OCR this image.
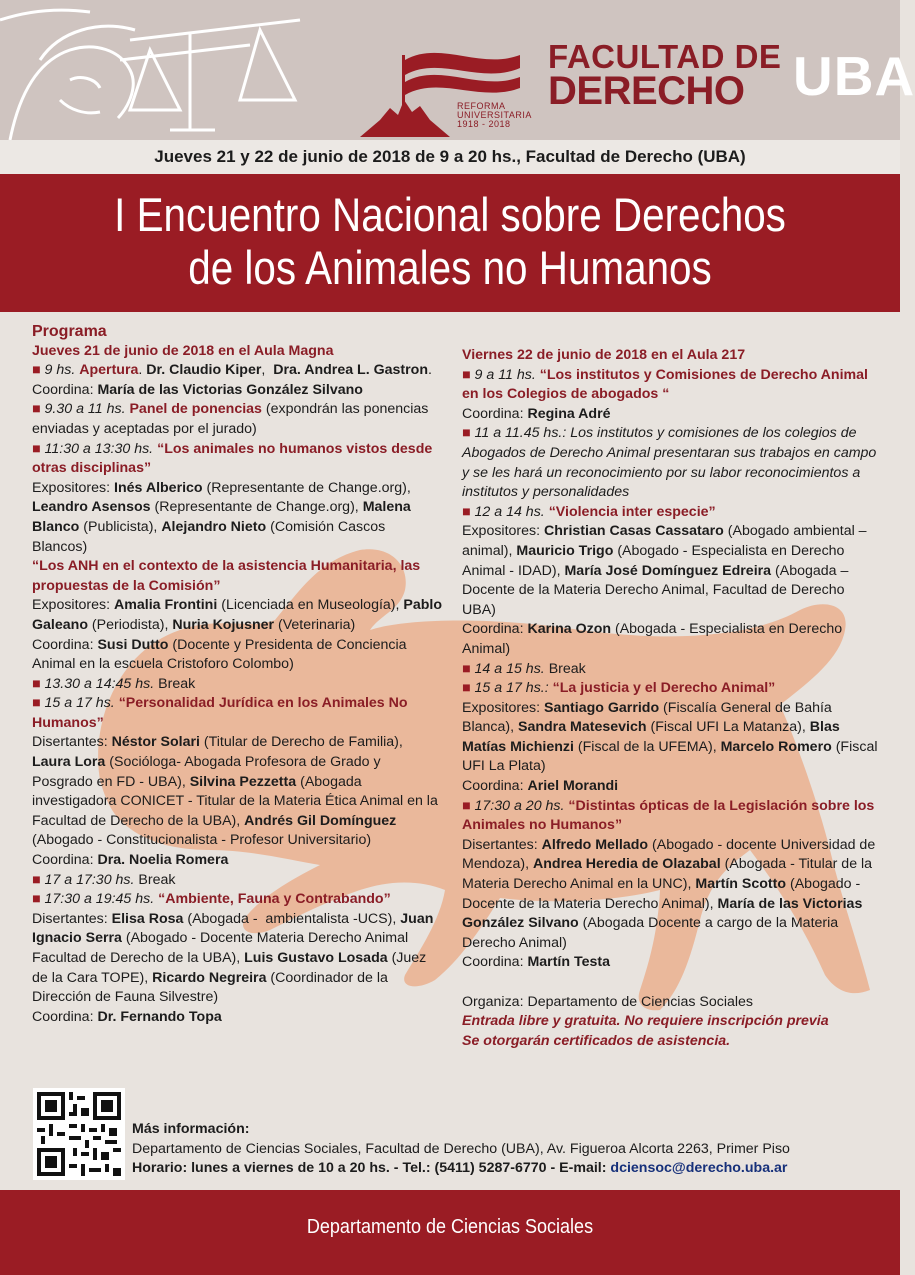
REFORMA
UNIVERSITARIA
1918 - 2018
FACULTAD DE
DERECHO UBA
Jueves 21 y 22 de junio de 2018 de 9 a 20 hs., Facultad de Derecho (UBA)
I Encuentro Nacional sobre Derechos
de los Animales no Humanos

Programa

Jueves 21 de junio de 2018 en el Aula Magna

■ 9 hs. Apertura. Dr. Claudio Kiper,  Dra. Andrea L. Gastron.

Coordina: María de las Victorias González Silvano

■ 9.30 a 11 hs. Panel de ponencias (expondrán las ponencias enviadas y aceptadas por el jurado)

■ 11:30 a 13:30 hs. “Los animales no humanos vistos desde otras disciplinas”

Expositores: Inés Alberico (Representante de Change.org), Leandro Asensos (Representante de Change.org), Malena Blanco (Publicista), Alejandro Nieto (Comisión Cascos Blancos)

“Los ANH en el contexto de la asistencia Humanitaria, las propuestas de la Comisión”

Expositores: Amalia Frontini (Licenciada en Museología), Pablo Galeano (Periodista), Nuria Kojusner (Veterinaria)

Coordina: Susi Dutto (Docente y Presidenta de Conciencia Animal en la escuela Cristoforo Colombo)

■ 13.30 a 14:45 hs. Break

■ 15 a 17 hs. “Personalidad Jurídica en los Animales No Humanos”

Disertantes: Néstor Solari (Titular de Derecho de Familia), Laura Lora (Socióloga- Abogada Profesora de Grado y Posgrado en FD - UBA), Silvina Pezzetta (Abogada investigadora CONICET - Titular de la Materia Ética Animal en la Facultad de Derecho de la UBA), Andrés Gil Domínguez (Abogado - Constitucionalista - Profesor Universitario)

Coordina: Dra. Noelia Romera

■ 17 a 17:30 hs. Break

■ 17:30 a 19:45 hs. “Ambiente, Fauna y Contrabando”

Disertantes: Elisa Rosa (Abogada -  ambientalista -UCS), Juan Ignacio Serra (Abogado - Docente Materia Derecho Animal Facultad de Derecho de la UBA), Luis Gustavo Losada (Juez de la Cara TOPE), Ricardo Negreira (Coordinador de la Dirección de Fauna Silvestre)

Coordina: Dr. Fernando Topa

Viernes 22 de junio de 2018 en el Aula 217

■ 9 a 11 hs. “Los institutos y Comisiones de Derecho Animal en los Colegios de abogados “

Coordina: Regina Adré

■ 11 a 11.45 hs.: Los institutos y comisiones de los colegios de Abogados de Derecho Animal presentaran sus trabajos en campo y se les hará un reconocimiento por su labor reconocimientos a institutos y personalidades

■ 12 a 14 hs. “Violencia inter especie”

Expositores: Christian Casas Cassataro (Abogado ambiental – animal), Mauricio Trigo (Abogado - Especialista en Derecho Animal - IDAD), María José Domínguez Edreira (Abogada – Docente de la Materia Derecho Animal, Facultad de Derecho UBA)

Coordina: Karina Ozon (Abogada - Especialista en Derecho Animal)

■ 14 a 15 hs. Break

■ 15 a 17 hs.: “La justicia y el Derecho Animal”

Expositores: Santiago Garrido (Fiscalía General de Bahía Blanca), Sandra Matesevich (Fiscal UFI La Matanza), Blas Matías Michienzi (Fiscal de la UFEMA), Marcelo Romero (Fiscal UFI La Plata)

Coordina: Ariel Morandi

■ 17:30 a 20 hs. “Distintas ópticas de la Legislación sobre los Animales no Humanos”

Disertantes: Alfredo Mellado (Abogado - docente Universidad de Mendoza), Andrea Heredia de Olazabal (Abogada - Titular de la Materia Derecho Animal en la UNC), Martín Scotto (Abogado - Docente de la Materia Derecho Animal), María de las Victorias González Silvano (Abogada Docente a cargo de la Materia Derecho Animal)

Coordina: Martín Testa

Organiza: Departamento de Ciencias Sociales

Entrada libre y gratuita. No requiere inscripción previa

Se otorgarán certificados de asistencia.

Más información:

Departamento de Ciencias Sociales, Facultad de Derecho (UBA), Av. Figueroa Alcorta 2263, Primer Piso

Horario: lunes a viernes de 10 a 20 hs. - Tel.: (5411) 5287-6770 - E-mail: dciensoc@derecho.uba.ar

Departamento de Ciencias Sociales
